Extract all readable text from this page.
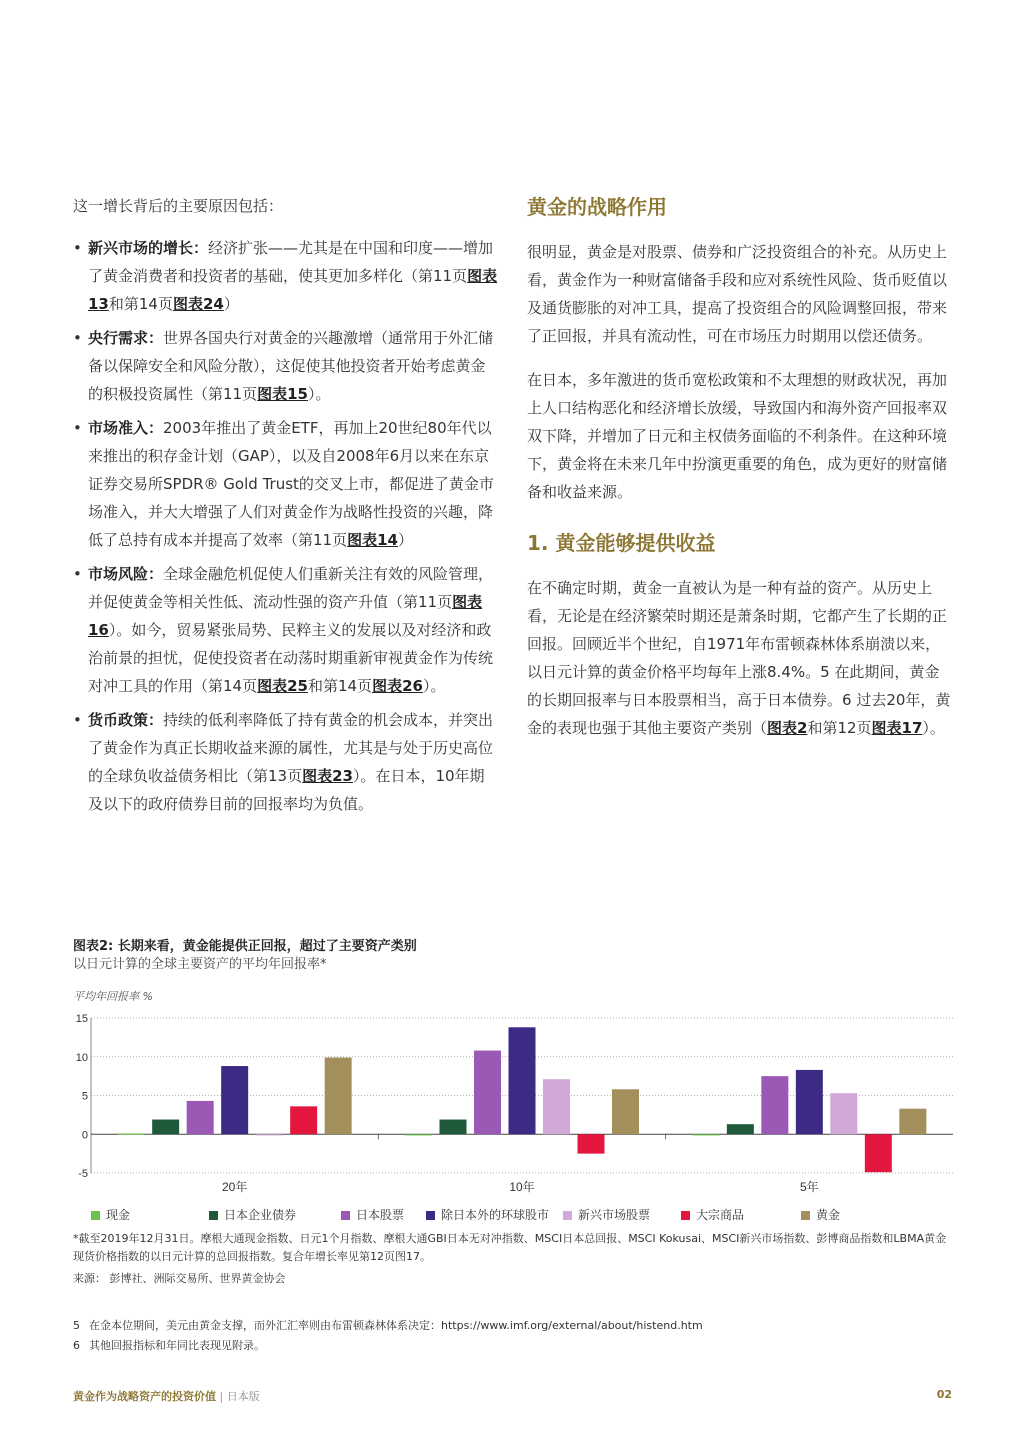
这一增长背后的主要原因包括：

• 新兴市场的增长：经济扩张——尤其是在中国和印度——增加了黄金消费者和投资者的基础，使其更加多样化（第11页图表13和第14页图表24）
• 央行需求：世界各国央行对黄金的兴趣激增（通常用于外汇储备以保障安全和风险分散），这促使其他投资者开始考虑黄金的积极投资属性（第11页图表15）。
• 市场准入：2003年推出了黄金ETF，再加上20世纪80年代以来推出的积存金计划（GAP），以及自2008年6月以来在东京证券交易所SPDR® Gold Trust的交叉上市，都促进了黄金市场准入，并大大增强了人们对黄金作为战略性投资的兴趣，降低了总持有成本并提高了效率（第11页图表14）
• 市场风险：全球金融危机促使人们重新关注有效的风险管理，并促使黄金等相关性低、流动性强的资产升值（第11页图表16）。如今，贸易紧张局势、民粹主义的发展以及对经济和政治前景的担忧，促使投资者在动荡时期重新审视黄金作为传统对冲工具的作用（第14页图表25和第14页图表26）。
• 货币政策：持续的低利率降低了持有黄金的机会成本，并突出了黄金作为真正长期收益来源的属性，尤其是与处于历史高位的全球负收益债务相比（第13页图表23）。在日本，10年期及以下的政府债券目前的回报率均为负值。
黄金的战略作用

很明显，黄金是对股票、债券和广泛投资组合的补充。从历史上看，黄金作为一种财富储备手段和应对系统性风险、货币贬值以及通货膨胀的对冲工具，提高了投资组合的风险调整回报，带来了正回报，并具有流动性，可在市场压力时期用以偿还债务。

在日本，多年激进的货币宽松政策和不太理想的财政状况，再加上人口结构恶化和经济增长放缓，导致国内和海外资产回报率双双下降，并增加了日元和主权债务面临的不利条件。在这种环境下，黄金将在未来几年中扮演更重要的角色，成为更好的财富储备和收益来源。

1. 黄金能够提供收益

在不确定时期，黄金一直被认为是一种有益的资产。从历史上看，无论是在经济繁荣时期还是萧条时期，它都产生了长期的正回报。回顾近半个世纪，自1971年布雷顿森林体系崩溃以来，以日元计算的黄金价格平均每年上涨8.4%。5 在此期间，黄金的长期回报率与日本股票相当，高于日本债券。6 过去20年，黄金的表现也强于其他主要资产类别（图表2和第12页图表17）。

图表2: 长期来看，黄金能提供正回报，超过了主要资产类别
以日元计算的全球主要资产的平均年回报率*
平均年回报率 %
15
10
5
0
-5
20年	10年	5年
现金	日本企业债券	日本股票	除日本外的环球股市	新兴市场股票	大宗商品	黄金
*截至2019年12月31日。摩根大通现金指数、日元1个月指数、摩根大通GBI日本无对冲指数、MSCI日本总回报、MSCI Kokusai、MSCI新兴市场指数、彭博商品指数和LBMA黄金现货价格指数的以日元计算的总回报指数。复合年增长率见第12页图17。
来源： 彭博社、洲际交易所、世界黄金协会
5 在金本位期间，美元由黄金支撑，而外汇汇率则由布雷顿森林体系决定：https://www.imf.org/external/about/histend.htm
6 其他回报指标和年同比表现见附录。
黄金作为战略资产的投资价值 | 日本版	02
